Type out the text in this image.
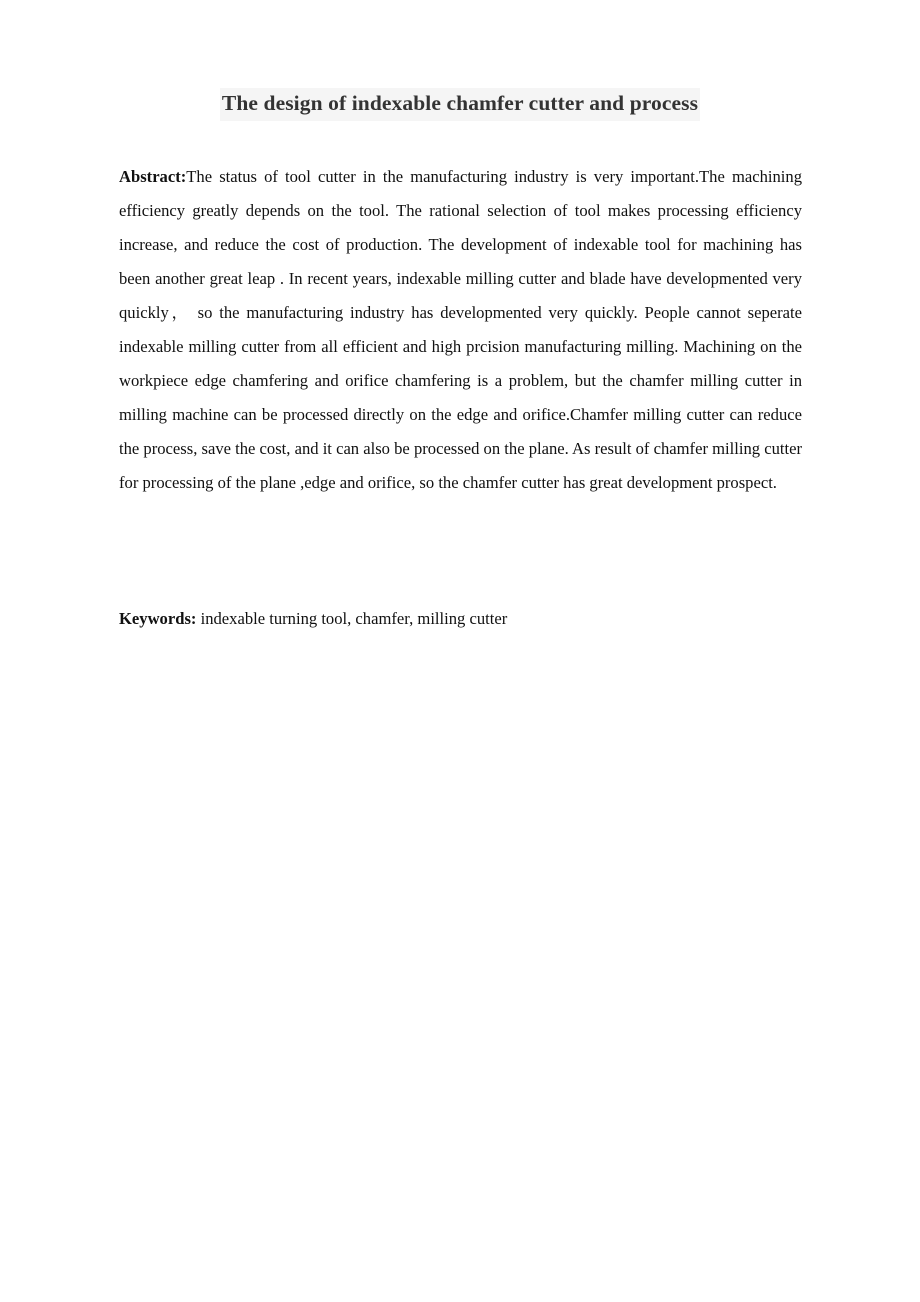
The design of indexable chamfer cutter and process

Abstract:The status of tool cutter in the manufacturing industry is very important.The machining efficiency greatly depends on the tool. The rational selection of tool makes processing efficiency increase, and reduce the cost of production. The development of indexable tool for machining has been another great leap . In recent years, indexable milling cutter and blade have developmented very quickly， so the manufacturing industry has developmented very quickly. People cannot seperate indexable milling cutter from all efficient and high prcision manufacturing milling. Machining on the workpiece edge chamfering and orifice chamfering is a problem, but the chamfer milling cutter in milling machine can be processed directly on the edge and orifice.Chamfer milling cutter can reduce the process, save the cost, and it can also be processed on the plane. As result of chamfer milling cutter for processing of the plane ,edge and orifice, so the chamfer cutter has great development prospect.

Keywords: indexable turning tool, chamfer, milling cutter
